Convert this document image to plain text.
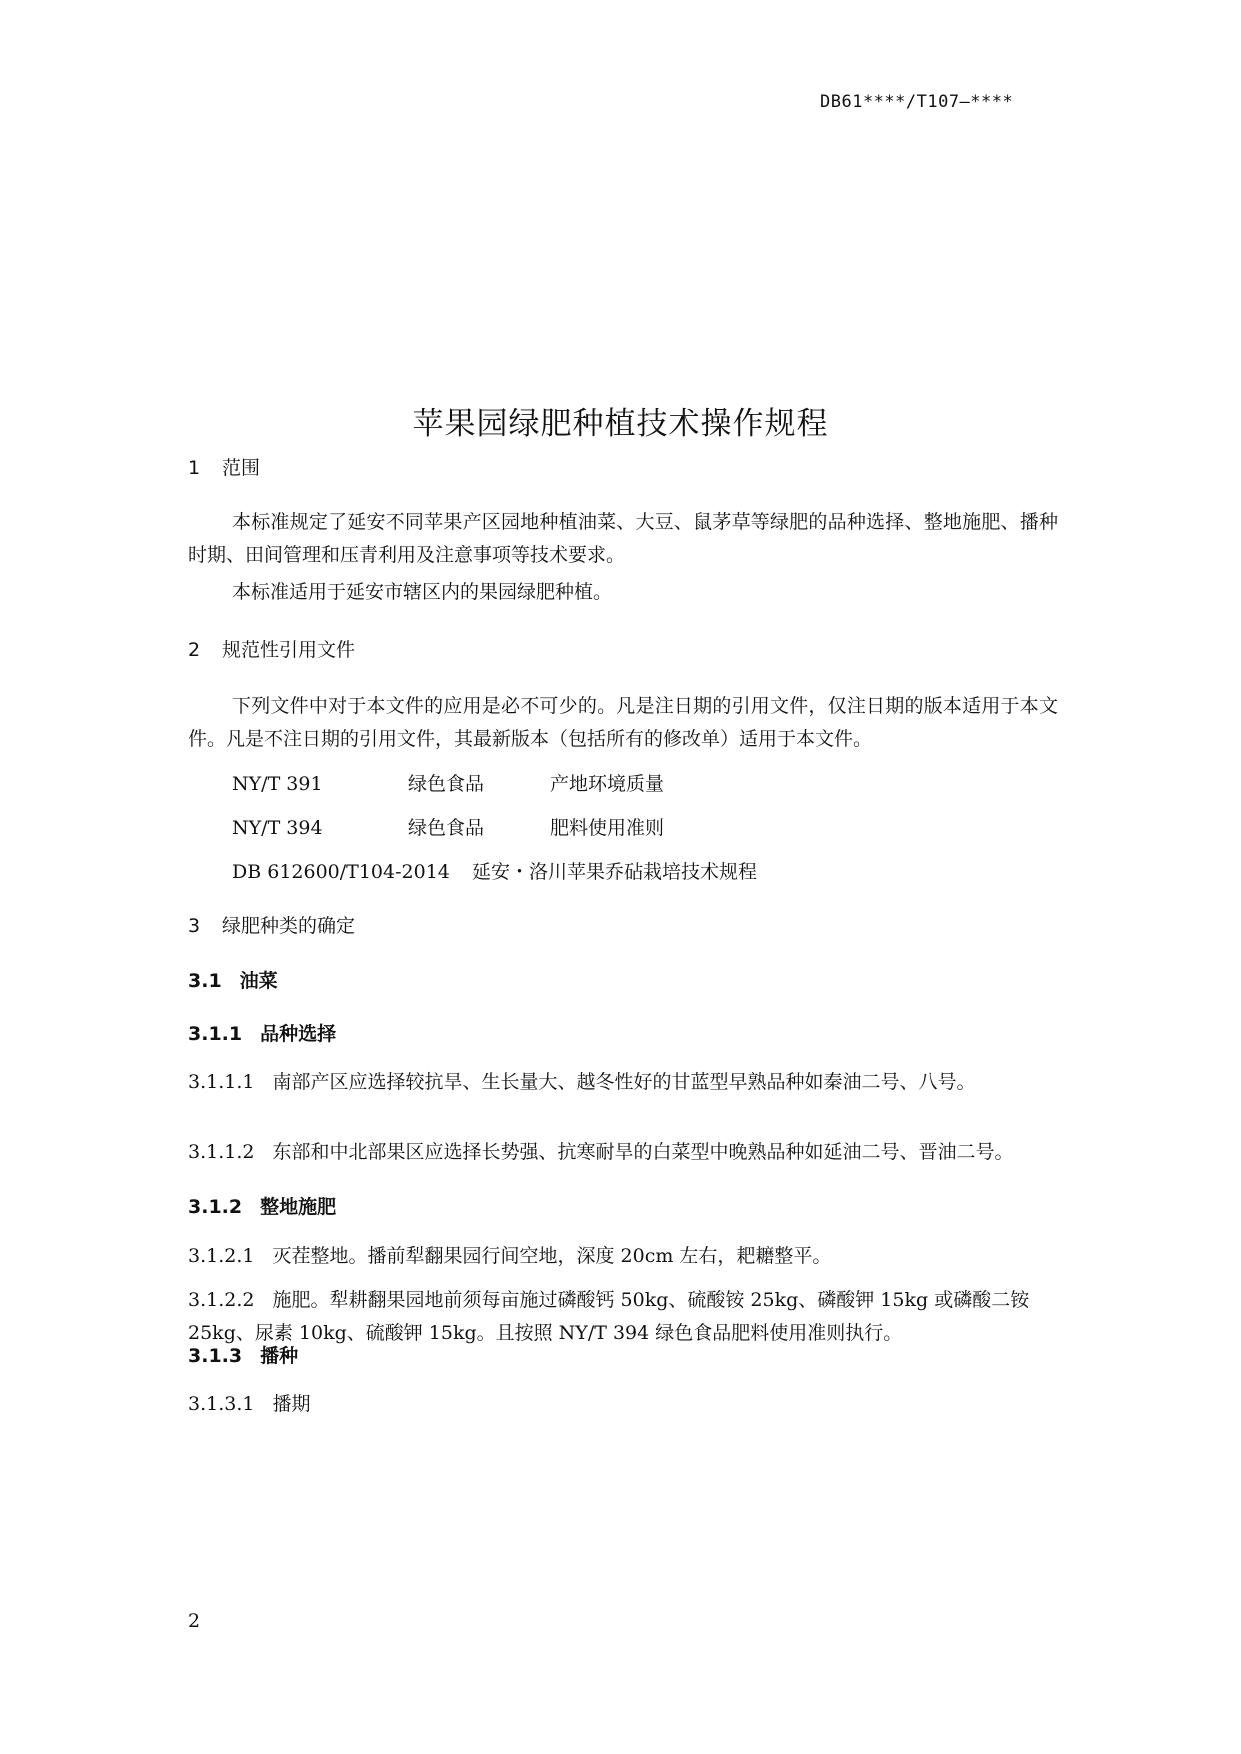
DB61****/T107—****
苹果园绿肥种植技术操作规程
1 范围
本标准规定了延安不同苹果产区园地种植油菜、大豆、鼠茅草等绿肥的品种选择、整地施肥、播种时期、田间管理和压青利用及注意事项等技术要求。
本标准适用于延安市辖区内的果园绿肥种植。
2 规范性引用文件
下列文件中对于本文件的应用是必不可少的。凡是注日期的引用文件，仅注日期的版本适用于本文件。凡是不注日期的引用文件，其最新版本（包括所有的修改单）适用于本文件。
NY/T 391	绿色食品	产地环境质量
NY/T 394	绿色食品	肥料使用准则
DB 612600/T104-2014 延安・洛川苹果乔砧栽培技术规程
3 绿肥种类的确定
3.1 油菜
3.1.1 品种选择
3.1.1.1 南部产区应选择较抗旱、生长量大、越冬性好的甘蓝型早熟品种如秦油二号、八号。
3.1.1.2 东部和中北部果区应选择长势强、抗寒耐旱的白菜型中晚熟品种如延油二号、晋油二号。
3.1.2 整地施肥
3.1.2.1 灭茬整地。播前犁翻果园行间空地，深度 20cm 左右，耙耱整平。
3.1.2.2 施肥。犁耕翻果园地前须每亩施过磷酸钙 50kg、硫酸铵 25kg、磷酸钾 15kg 或磷酸二铵 25kg、尿素 10kg、硫酸钾 15kg。且按照 NY/T 394 绿色食品肥料使用准则执行。
3.1.3 播种
3.1.3.1 播期
2
